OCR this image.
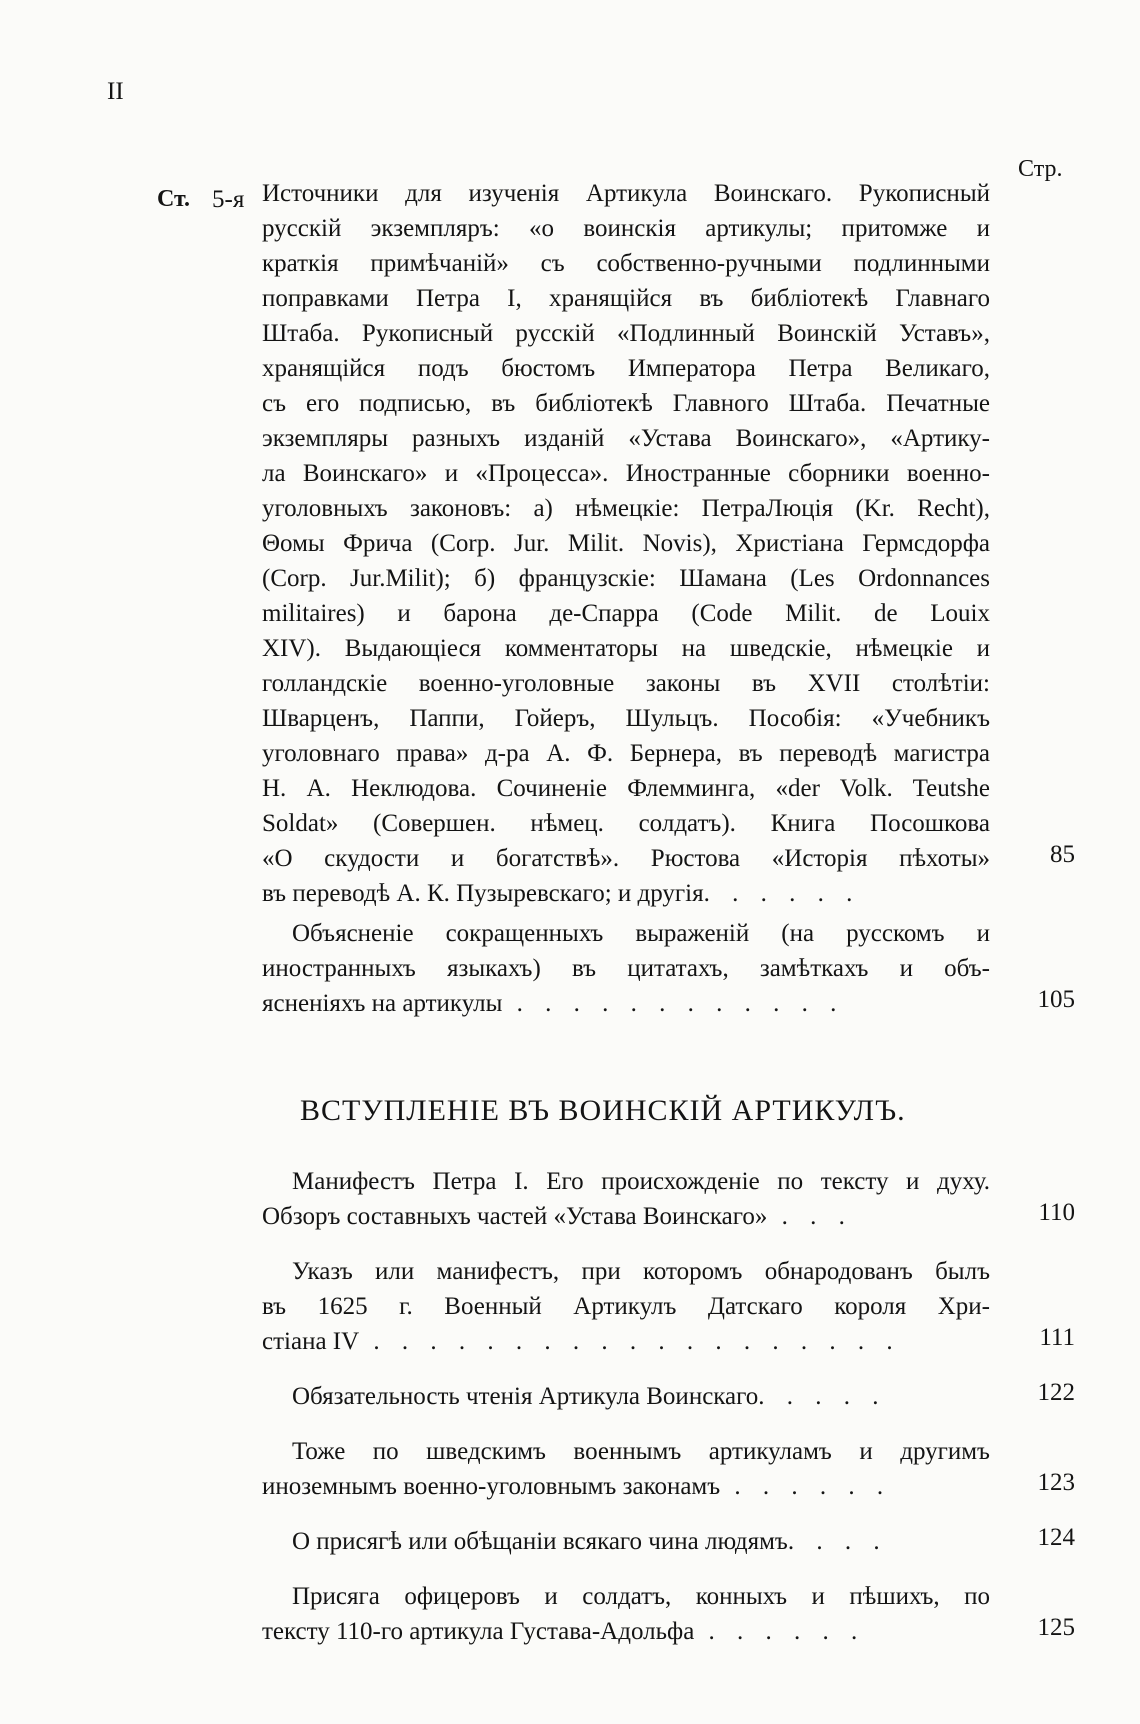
II
Стр.
Ст. 5-я Источники для изученія Артикула Воинскаго. Рукописный
русскій экземпляръ: «о воинскія артикулы; притомже и
краткія примѣчаній» съ собственно-ручными подлинными
поправками Петра I, хранящійся въ библіотекѣ Главнаго
Штаба. Рукописный русскій «Подлинный Воинскій Уставъ»,
хранящійся подъ бюстомъ Императора Петра Великаго,
съ его подписью, въ библіотекѣ Главного Штаба. Печатные
экземпляры разныхъ изданій «Устава Воинскаго», «Артику-
ла Воинскаго» и «Процесса». Иностранные сборники военно-
уголовныхъ законовъ: а) нѣмецкіе: ПетраЛюція (Kr. Recht),
Θомы Фрича (Corp. Jur. Milit. Novis), Христіана Гермсдорфа
(Corp. Jur.Milit); б) французскіе: Шамана (Les Ordonnances
militaires) и барона де-Спарра (Code Milit. de Louix
XIV). Выдающіеся комментаторы на шведскіе, нѣмецкіе и
голландскіе военно-уголовные законы въ XVII столѣтіи:
Шварценъ, Паппи, Гойеръ, Шульцъ. Пособія: «Учебникъ
уголовнаго права» д-ра А. Ф. Бернера, въ переводѣ магистра
Н. А. Неклюдова. Сочиненіе Флемминга, «der Volk. Teutshe
Soldat» (Совершен. нѣмец. солдатъ). Книга Посошкова
«О скудости и богатствѣ». Рюстова «Исторія пѣхоты»
въ переводѣ А. К. Пузыревскаго; и другія. . . . . .
85
Объясненіе сокращенныхъ выраженій (на русскомъ и
иностранныхъ языкахъ) въ цитатахъ, замѣткахъ и объ-
ясненіяхъ на артикулы . . . . . . . . . . . .	105
ВСТУПЛЕНІЕ ВЪ ВОИНСКІЙ АРТИКУЛЪ.
Манифестъ Петра I. Его происхожденіе по тексту и духу.
Обзоръ составныхъ частей «Устава Воинскаго» . . .	110
Указъ или манифестъ, при которомъ обнародованъ былъ
въ 1625 г. Военный Артикулъ Датскаго короля Хри-
стіана IV . . . . . . . . . . . . . . . . . . .	111
Обязательность чтенія Артикула Воинскаго. . . . .	122
Тоже по шведскимъ военнымъ артикуламъ и другимъ
иноземнымъ военно-уголовнымъ законамъ . . . . . .	123
О присягѣ или обѣщаніи всякаго чина людямъ. . . .	124
Присяга офицеровъ и солдатъ, конныхъ и пѣшихъ, по
тексту 110-го артикула Густава-Адольфа . . . . . .	125
